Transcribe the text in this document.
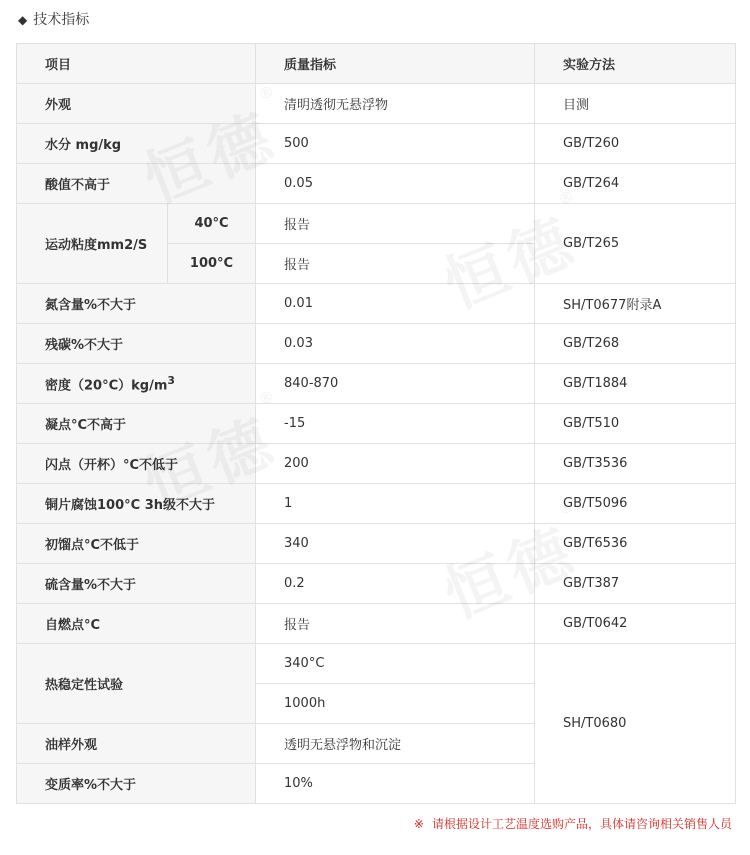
◆ 技术指标
项目		质量指标	实验方法
外观		清明透彻无悬浮物	目测
水分 mg/kg		500	GB/T260
酸值不高于		0.05	GB/T264
运动粘度mm2/S	40°C	报告	GB/T265
	100°C	报告	
氮含量%不大于		0.01	SH/T0677附录A
残碳%不大于		0.03	GB/T268
密度$(20^\circ C)kg/m^3$		840-870	GB/T1884
凝点°C不高于		-15	GB/T510
闪点（开杯）°C不低于		200	GB/T3536
铜片腐蚀100°C 3h级不大于		1	GB/T5096
初馏点°C不低于		340	GB/T6536
硫含量%不大于		0.2	GB/T387
自燃点°C		报告	GB/T0642
热稳定性试验		340°C	SH/T0680
		1000h	
油样外观		透明无悬浮物和沉淀	
变质率%不大于		10%	
※ 请根据设计工艺温度选购产品，具体请咨询相关销售人员
